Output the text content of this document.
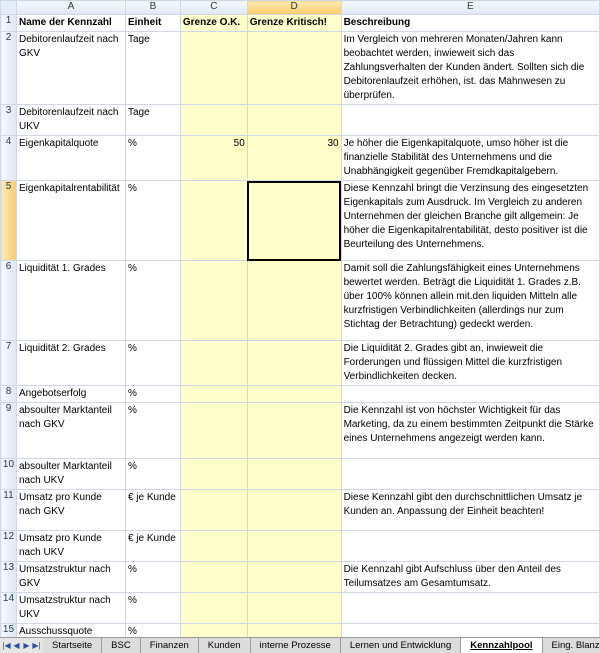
	A	B	C	D	E
1	Name der Kennzahl	Einheit	Grenze O.K.	Grenze Kritisch!	Beschreibung

2	Debitorenlaufzeit nach GKV	Tage			Im Vergleich von mehreren Monaten/Jahren kann beobachtet werden, inwieweit sich das Zahlungsverhalten der Kunden ändert. Sollten sich die Debitorenlaufzeit erhöhen, ist. das Mahnwesen zu überprüfen.

3	Debitorenlaufzeit nach UKV	Tage			

4	Eigenkapitalquote	%	50	30	Je höher die Eigenkapitalquote, umso höher ist die finanzielle Stabilität des Unternehmens und die Unabhängigkeit gegenüber Fremdkapitalgebern.

5	Eigenkapitalrentabilität	%			Diese Kennzahl bringt die Verzinsung des eingesetzten Eigenkapitals zum Ausdruck. Im Vergleich zu anderen Unternehmen der gleichen Branche gilt allgemein: Je höher die Eigenkapitalrentabilität, desto positiver ist die Beurteilung des Unternehmens.

6	Liquidität 1. Grades	%			Damit soll die Zahlungsfähigkeit eines Unternehmens bewertet werden. Beträgt die Liquidität 1. Grades z.B. über 100% können allein mit.den liquiden Mitteln alle kurzfristigen Verbindlichkeiten (allerdings nur zum Stichtag der Betrachtung) gedeckt werden.

7	Liquidität 2. Grades	%			Die Liquidität 2. Grades gibt an, inwieweit die Forderungen und flüssigen Mittel die kurzfristigen Verbindlichkeiten decken.

8	Angebotserfolg	%			

9	absoulter Marktanteil nach GKV	%			Die Kennzahl ist von höchster Wichtigkeit für das Marketing, da zu einem bestimmten Zeitpunkt die Stärke eines Unternehmens angezeigt werden kann.

10	absoulter Marktanteil nach UKV	%			

11	Umsatz pro Kunde nach GKV	€ je Kunde			Diese Kennzahl gibt den durchschnittlichen Umsatz je Kunden an. Anpassung der Einheit beachten!

12	Umsatz pro Kunde nach UKV	€ je Kunde			

13	Umsatzstruktur nach GKV	%			Die Kennzahl gibt Aufschluss über den Anteil des Teilumsatzes am Gesamtumsatz.

14	Umsatzstruktur nach UKV	%			

15	Ausschussquote	%			

|◀ ◀ ▶ ▶|	Startseite	BSC	Finanzen	Kunden	interne Prozesse	Lernen und Entwicklung	Kennzahlpool	Eing. Blanz
